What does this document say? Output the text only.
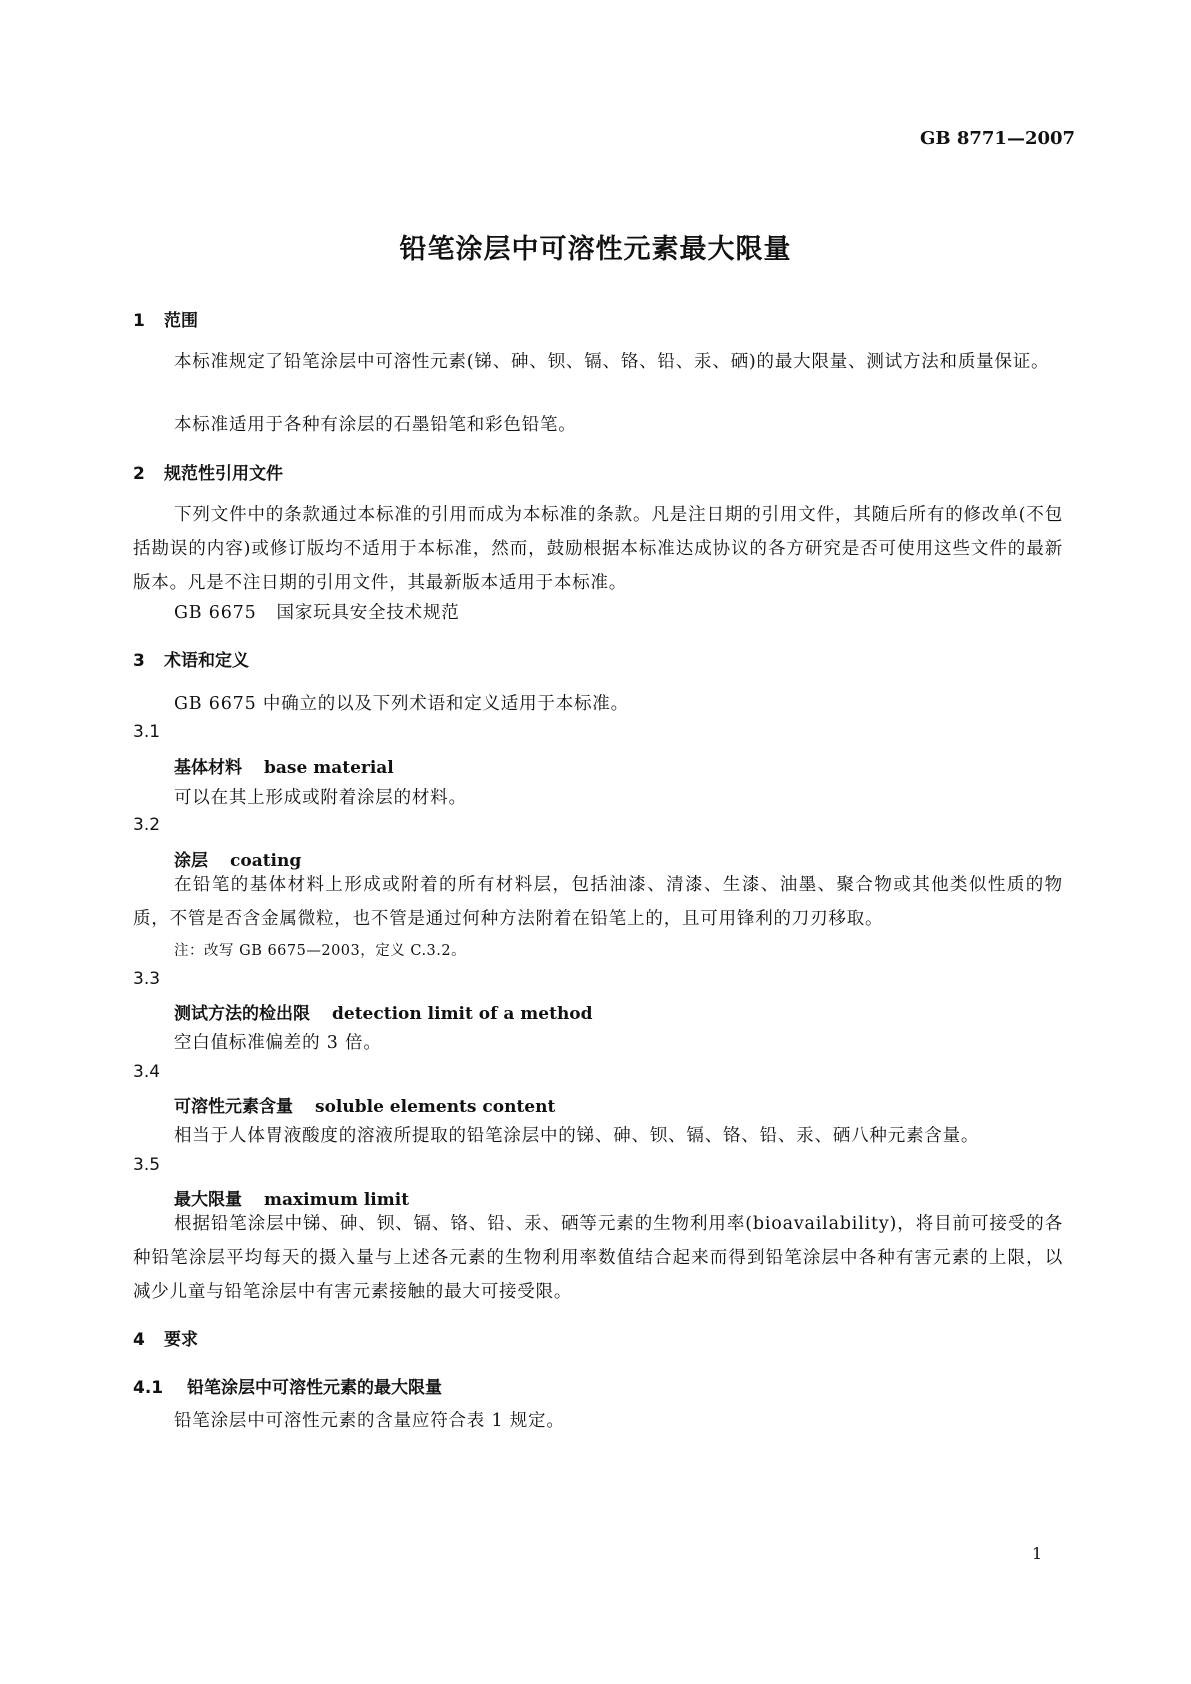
GB 8771—2007
铅笔涂层中可溶性元素最大限量
1 范围
本标准规定了铅笔涂层中可溶性元素(锑、砷、钡、镉、铬、铅、汞、硒)的最大限量、测试方法和质量保证。
本标准适用于各种有涂层的石墨铅笔和彩色铅笔。
2 规范性引用文件
下列文件中的条款通过本标准的引用而成为本标准的条款。凡是注日期的引用文件，其随后所有的修改单(不包括勘误的内容)或修订版均不适用于本标准，然而，鼓励根据本标准达成协议的各方研究是否可使用这些文件的最新版本。凡是不注日期的引用文件，其最新版本适用于本标准。
GB 6675 国家玩具安全技术规范
3 术语和定义
GB 6675 中确立的以及下列术语和定义适用于本标准。
3.1
基体材料 base material
可以在其上形成或附着涂层的材料。
3.2
涂层 coating
在铅笔的基体材料上形成或附着的所有材料层，包括油漆、清漆、生漆、油墨、聚合物或其他类似性质的物质，不管是否含金属微粒，也不管是通过何种方法附着在铅笔上的，且可用锋利的刀刃移取。
注：改写 GB 6675—2003，定义 C.3.2。
3.3
测试方法的检出限 detection limit of a method
空白值标准偏差的 3 倍。
3.4
可溶性元素含量 soluble elements content
相当于人体胃液酸度的溶液所提取的铅笔涂层中的锑、砷、钡、镉、铬、铅、汞、硒八种元素含量。
3.5
最大限量 maximum limit
根据铅笔涂层中锑、砷、钡、镉、铬、铅、汞、硒等元素的生物利用率(bioavailability)，将目前可接受的各种铅笔涂层平均每天的摄入量与上述各元素的生物利用率数值结合起来而得到铅笔涂层中各种有害元素的上限，以减少儿童与铅笔涂层中有害元素接触的最大可接受限。
4 要求
4.1 铅笔涂层中可溶性元素的最大限量
铅笔涂层中可溶性元素的含量应符合表 1 规定。
1
